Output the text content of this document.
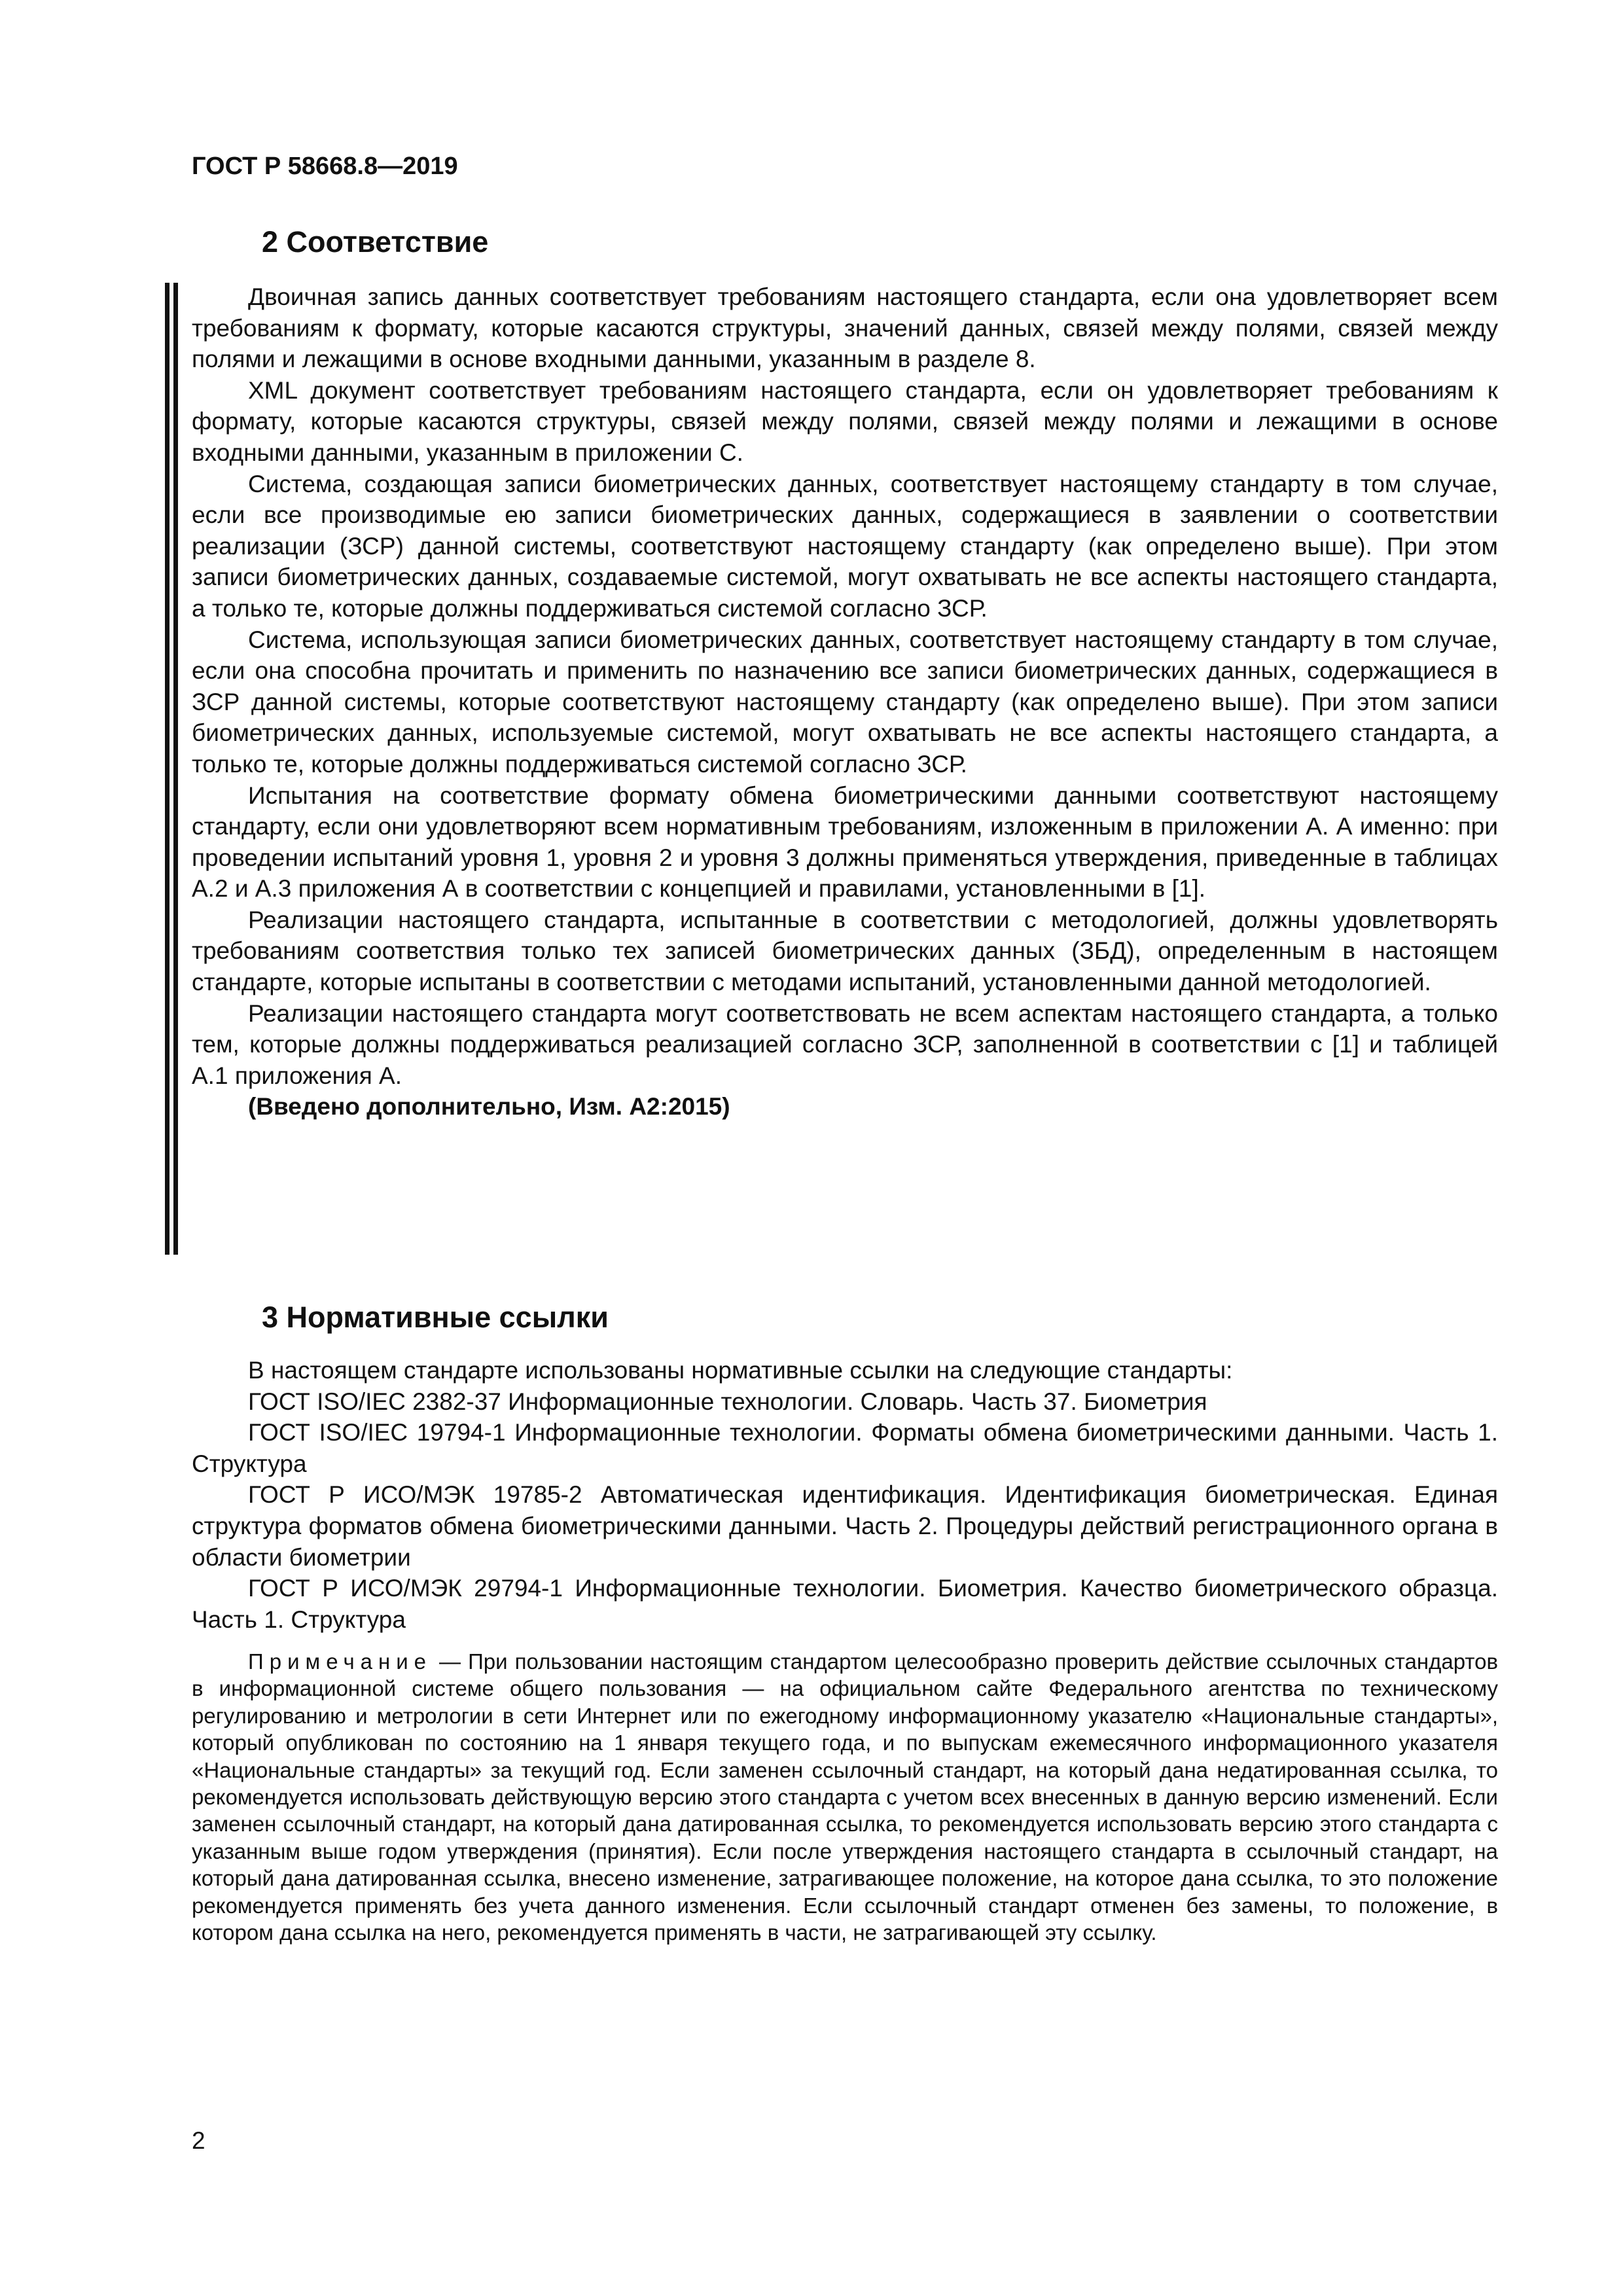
ГОСТ Р 58668.8—2019
2 Соответствие

Двоичная запись данных соответствует требованиям настоящего стандарта, если она удовлетворяет всем требованиям к формату, которые касаются структуры, значений данных, связей между полями, связей между полями и лежащими в основе входными данными, указанным в разделе 8.

XML документ соответствует требованиям настоящего стандарта, если он удовлетворяет требованиям к формату, которые касаются структуры, связей между полями, связей между полями и лежащими в основе входными данными, указанным в приложении C.

Система, создающая записи биометрических данных, соответствует настоящему стандарту в том случае, если все производимые ею записи биометрических данных, содержащиеся в заявлении о соответствии реализации (ЗСР) данной системы, соответствуют настоящему стандарту (как определено выше). При этом записи биометрических данных, создаваемые системой, могут охватывать не все аспекты настоящего стандарта, а только те, которые должны поддерживаться системой согласно ЗСР.

Система, использующая записи биометрических данных, соответствует настоящему стандарту в том случае, если она способна прочитать и применить по назначению все записи биометрических данных, содержащиеся в ЗСР данной системы, которые соответствуют настоящему стандарту (как определено выше). При этом записи биометрических данных, используемые системой, могут охватывать не все аспекты настоящего стандарта, а только те, которые должны поддерживаться системой согласно ЗСР.

Испытания на соответствие формату обмена биометрическими данными соответствуют настоящему стандарту, если они удовлетворяют всем нормативным требованиям, изложенным в приложении А. А именно: при проведении испытаний уровня 1, уровня 2 и уровня 3 должны применяться утверждения, приведенные в таблицах А.2 и А.3 приложения А в соответствии с концепцией и правилами, установленными в [1].

Реализации настоящего стандарта, испытанные в соответствии с методологией, должны удовлетворять требованиям соответствия только тех записей биометрических данных (ЗБД), определенным в настоящем стандарте, которые испытаны в соответствии с методами испытаний, установленными данной методологией.

Реализации настоящего стандарта могут соответствовать не всем аспектам настоящего стандарта, а только тем, которые должны поддерживаться реализацией согласно ЗСР, заполненной в соответствии с [1] и таблицей А.1 приложения А.

(Введено дополнительно, Изм. A2:2015)

3 Нормативные ссылки

В настоящем стандарте использованы нормативные ссылки на следующие стандарты:

ГОСТ ISO/IEC 2382-37 Информационные технологии. Словарь. Часть 37. Биометрия

ГОСТ ISO/IEC 19794-1 Информационные технологии. Форматы обмена биометрическими данными. Часть 1. Структура

ГОСТ Р ИСО/МЭК 19785-2 Автоматическая идентификация. Идентификация биометрическая. Единая структура форматов обмена биометрическими данными. Часть 2. Процедуры действий регистрационного органа в области биометрии

ГОСТ Р ИСО/МЭК 29794-1 Информационные технологии. Биометрия. Качество биометрического образца. Часть 1. Структура

Примечание — При пользовании настоящим стандартом целесообразно проверить действие ссылочных стандартов в информационной системе общего пользования — на официальном сайте Федерального агентства по техническому регулированию и метрологии в сети Интернет или по ежегодному информационному указателю «Национальные стандарты», который опубликован по состоянию на 1 января текущего года, и по выпускам ежемесячного информационного указателя «Национальные стандарты» за текущий год. Если заменен ссылочный стандарт, на который дана недатированная ссылка, то рекомендуется использовать действующую версию этого стандарта с учетом всех внесенных в данную версию изменений. Если заменен ссылочный стандарт, на который дана датированная ссылка, то рекомендуется использовать версию этого стандарта с указанным выше годом утверждения (принятия). Если после утверждения настоящего стандарта в ссылочный стандарт, на который дана датированная ссылка, внесено изменение, затрагивающее положение, на которое дана ссылка, то это положение рекомендуется применять без учета данного изменения. Если ссылочный стандарт отменен без замены, то положение, в котором дана ссылка на него, рекомендуется применять в части, не затрагивающей эту ссылку.

2
